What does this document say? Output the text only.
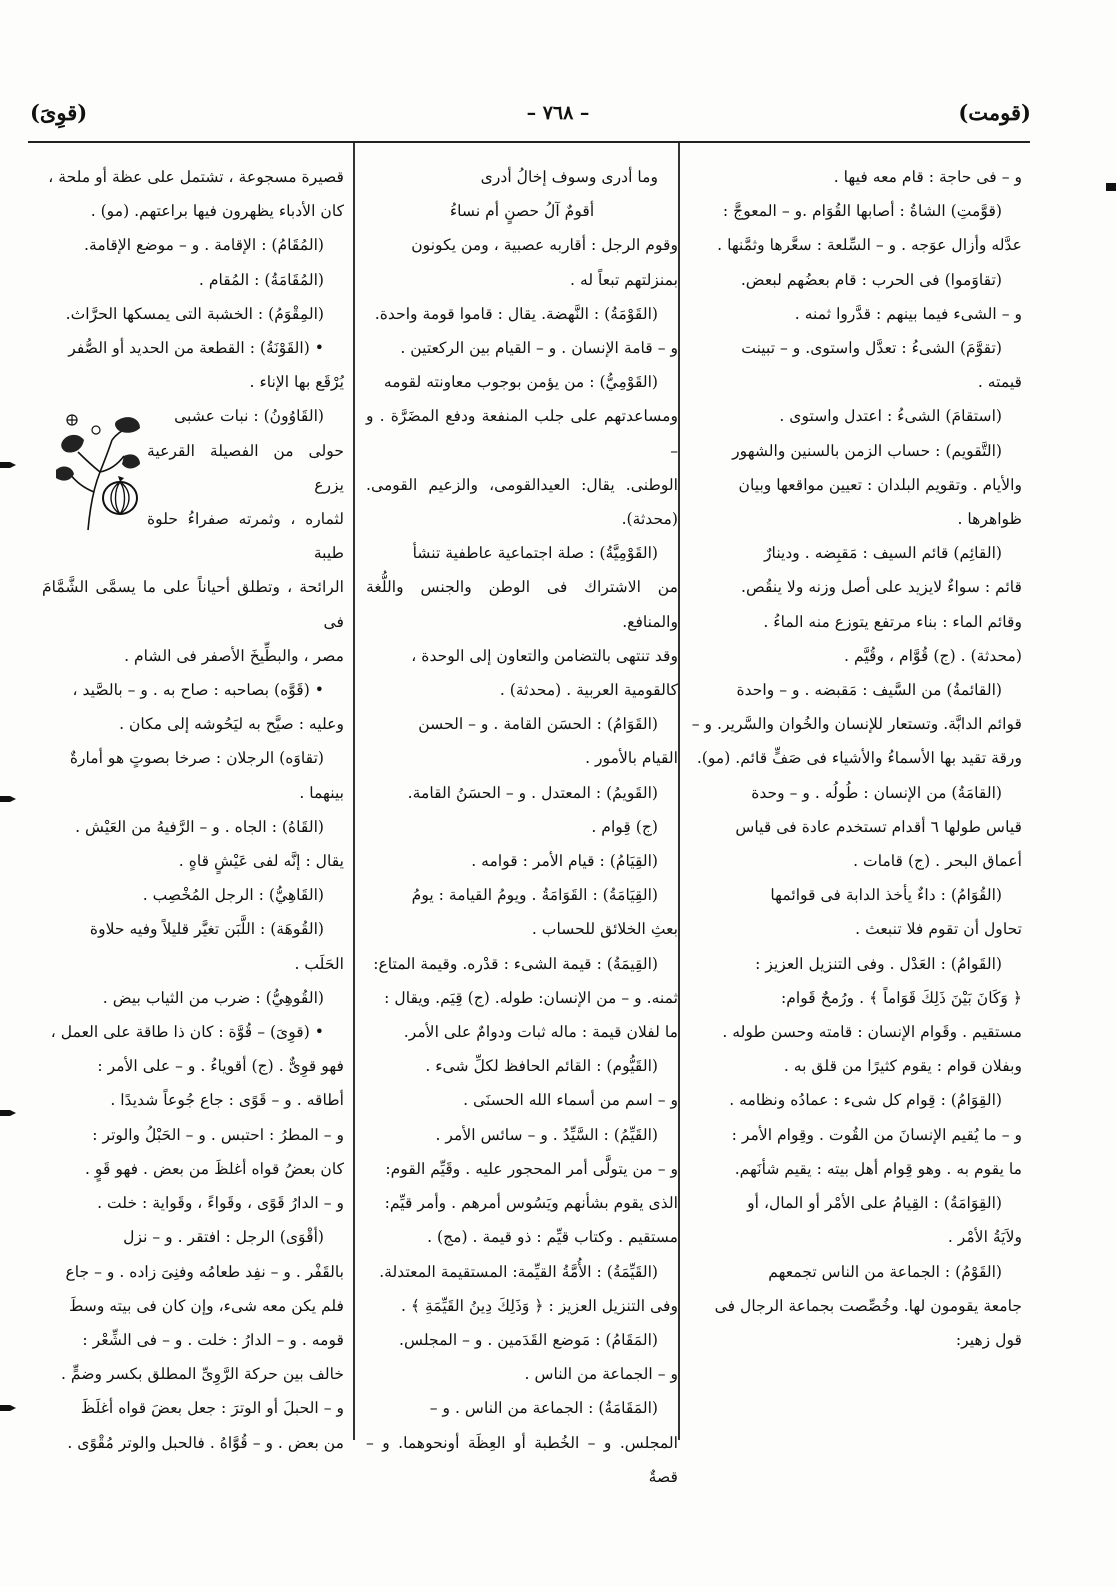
(قومت)
– ٧٦٨ –
(قوِىَ)

و – فى حاجة : قام معه فيها .

(قوَّمتِ) الشاةُ : أصابها القُوَام .و – المعوجَّ :

عدَّله وأزال عوَجه . و – السِّلعة : سعَّرها وثمَّنها .

(تقاوَموا) فى الحرب : قام بعضُهم لبعض.

و – الشىء فيما بينهم : قدَّروا ثمنه .

(تقوَّمَ) الشىءُ : تعدَّل واستوى. و – تبينت

قيمته .

(استقامَ) الشىءُ : اعتدل واستوى .

(التَّقويم) : حساب الزمن بالسنين والشهور

والأيام . وتقويم البلدان : تعيين مواقعها وبيان

ظواهرها .

(القائِم) قائم السيف : مَقبِضه . ودينارٌ

قائم : سواءٌ لايزيد على أصل وزنه ولا ينقُص.

وقائم الماء : بناء مرتفع يتوزع منه الماءُ .

(محدثة) . (ج) قُوَّام ، وقُيَّم .

(القائمةُ) من السَّيف : مَقبضه . و – واحدة

قوائم الدابَّة. وتستعار للإنسان والخُوان والسَّرير. و –

ورقة تقيد بها الأسماءُ والأشياء فى صَفٍّ قائم. (مو).

(القامَةُ) من الإنسان : طُولُه . و – وحدة

قياس طولها ٦ أقدام تستخدم عادة فى قياس

أعماق البحر . (ج) قامات .

(القُوَامُ) : داءٌ يأخذ الدابة فى قوائمها

تحاول أن تقوم فلا تنبعث .

(القَوامُ) : العَدْل . وفى التنزيل العزيز :

﴿ وَكَانَ بَيْنَ ذَلِكَ قَوَاماً ﴾ . ورُمحٌ قَوام:

مستقيم . وقَوام الإنسان : قامته وحسن طوله .

وبفلان قوام : يقوم كثيرًا من قلق به .

(القِوَامُ) : قِوام كل شىء : عمادُه ونظامه .

و – ما يُقيم الإنسانَ من القُوت . وقِوام الأمر :

ما يقوم به . وهو قِوام أهل بيته : يقيم شأنَهم.

(القِوَامَةُ) : القِيامُ على الأمْر أو المال، أو

ولاَيَةُ الأمْر .

(القَوْمُ) : الجماعة من الناس تجمعهم

جامعة يقومون لها. وخُصِّصت بجماعة الرجال فى

قول زهير:

وما أدرى وسوف إخالُ أدرى

أقومٌ آلُ حصنٍ أم نساءُ

وقوم الرجل : أقاربه عصبية ، ومن يكونون

بمنزلتهم تبعاً له .

(القَوْمَةُ) : النَّهضة. يقال : قاموا قومة واحدة.

و – قامة الإنسان . و – القيام بين الركعتين .

(القَوْمِيُّ) : من يؤمن بوجوب معاونته لقومه

ومساعدتهم على جلب المنفعة ودفع المضَرَّة . و –

الوطنى. يقال: العيدالقومى، والزعيم القومى. (محدثة).

(القَوْمِيَّةُ) : صلة اجتماعية عاطفية تنشأ

من الاشتراك فى الوطن والجنس واللُّغة والمنافع.

وقد تنتهى بالتضامن والتعاون إلى الوحدة ،

كالقومية العربية . (محدثة) .

(القَوَامُ) : الحسَن القامة . و – الحسن

القيام بالأمور .

(القَويمُ) : المعتدل . و – الحسَنُ القامة.

(ج) قِوام .

(القِيَامُ) : قيام الأمر : قوامه .

(القِيَامَةُ) : القَوَامَةُ . ويومُ القيامة : يومُ

بعثِ الخلائق للحساب .

(القِيمَةُ) : قيمة الشىء : قدْره. وقيمة المتاع:

ثمنه. و – من الإنسان: طوله. (ج) قِيَم. ويقال :

ما لفلان قيمة : ماله ثبات ودوامٌ على الأمر.

(القَيُّوم) : القائم الحافظ لكلِّ شىء .

و – اسم من أسماء الله الحسنَى .

(القَيِّمُ) : السَّيِّدُ . و – سائس الأمر .

و – من يتولَّى أمر المحجور عليه . وقَيِّم القوم:

الذى يقوم بشأنهم ويَسُوس أمرهم . وأمر قيِّم:

مستقيم . وكتاب قيِّم : ذو قيمة . (مج) .

(القَيِّمَةُ) : الأُمَّةُ القيِّمة: المستقيمة المعتدلة.

وفى التنزيل العزيز : ﴿ وَذَلِكَ دِينُ القَيِّمَةِ ﴾ .

(المَقَامُ) : مَوضع القَدَمين . و – المجلس.

و – الجماعة من الناس .

(المَقَامَةُ) : الجماعة من الناس . و –

المجلس. و – الخُطبة أو العِظَة أونحوهما. و – قصةٌ

قصيرة مسجوعة ، تشتمل على عظة أو ملحة ،

كان الأدباء يظهرون فيها براعتهم. (مو) .

(المُقَامُ) : الإقامة . و – موضع الإقامة.

(المُقَامَةُ) : المُقام .

(المِقْوَمُ) : الخشبة التى يمسكها الحرَّاث.

• (القَوْنَةُ) : القطعة من الحديد أو الصُّفر

يُرْقَع بها الإناء .

(القَاوُونُ) : نبات عشبى

حولى من الفصيلة القرعية يزرع

لثماره ، وثمرته صفراءُ حلوة طيبة

الرائحة ، وتطلق أحياناً على ما يسمَّى الشَّمَّامَ فى

مصر ، والبطِّيخَ الأصفر فى الشام .

• (قَوَّه) بصاحبه : صاح به . و – بالصَّيد ،

وعليه : صيَّح به ليَحُوشه إلى مكان .

(تقاوَه) الرجلان : صرخا بصوتٍ هو أمارةٌ

بينهما .

(القَاهُ) : الجاه . و – الرَّفيهُ من العَيْش .

يقال : إنَّه لفى عَيْشٍ قاهٍ .

(القَاهِيُّ) : الرجل المُخْصِب .

(القُوهَة) : اللَّبَن تغيَّر قليلاً وفيه حلاوة

الحَلَب .

(القُوهِيُّ) : ضرب من الثياب بيض .

• (قوِىَ) – قُوَّة : كان ذا طاقة على العمل ،

فهو قوِىٌّ . (ج) أقوياءُ . و – على الأمر :

أطاقه . و – قَوًى : جاع جُوعاً شديدًا .

و – المطرُ : احتبس . و – الحَبْلُ والوتر :

كان بعضُ قواه أغلظَ من بعض . فهو قَوٍ .

و – الدارُ قَوًى ، وقَواءً ، وقَواية : خلت .

(أقْوَى) الرجل : افتقر . و – نزل

بالقَفْر . و – نفِد طعامُه وفنِىَ زاده . و – جاع

فلم يكن معه شىء، وإن كان فى بيته وسطَ

قومه . و – الدارُ : خلت . و – فى الشِّعْر :

خالف بين حركة الرَّوِىِّ المطلق بكسر وضمٍّ .

و – الحبلَ أو الوترَ : جعل بعضَ قواه أغلَظَ

من بعض . و – قُوَّاهُ . فالحبل والوتر مُقْوًى .
